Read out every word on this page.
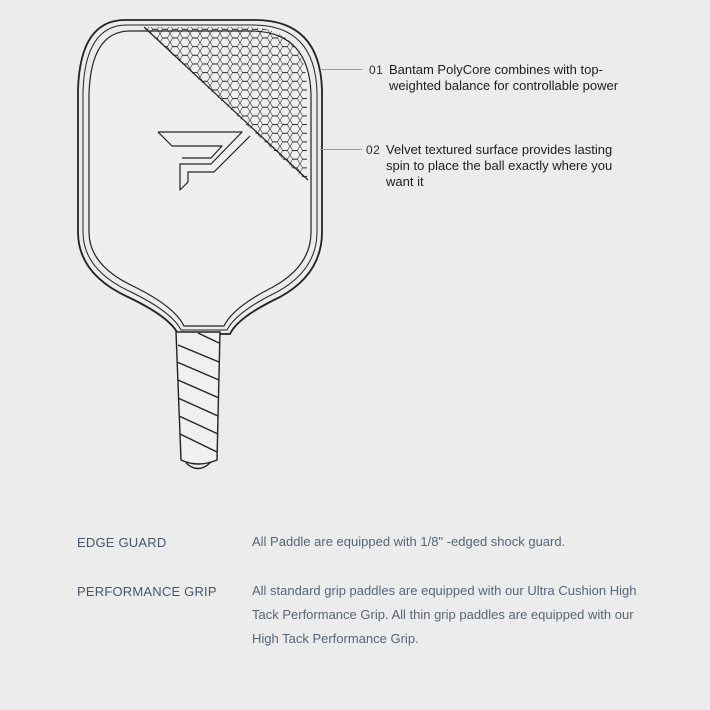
01 Bantam PolyCore combines with top-weighted balance for controllable power
02 Velvet textured surface provides lasting spin to place the ball exactly where you want it
EDGE GUARD	All Paddle are equipped with 1/8" -edged shock guard.
PERFORMANCE GRIP	All standard grip paddles are equipped with our Ultra Cushion High Tack Performance Grip. All thin grip paddles are equipped with our High Tack Performance Grip.
